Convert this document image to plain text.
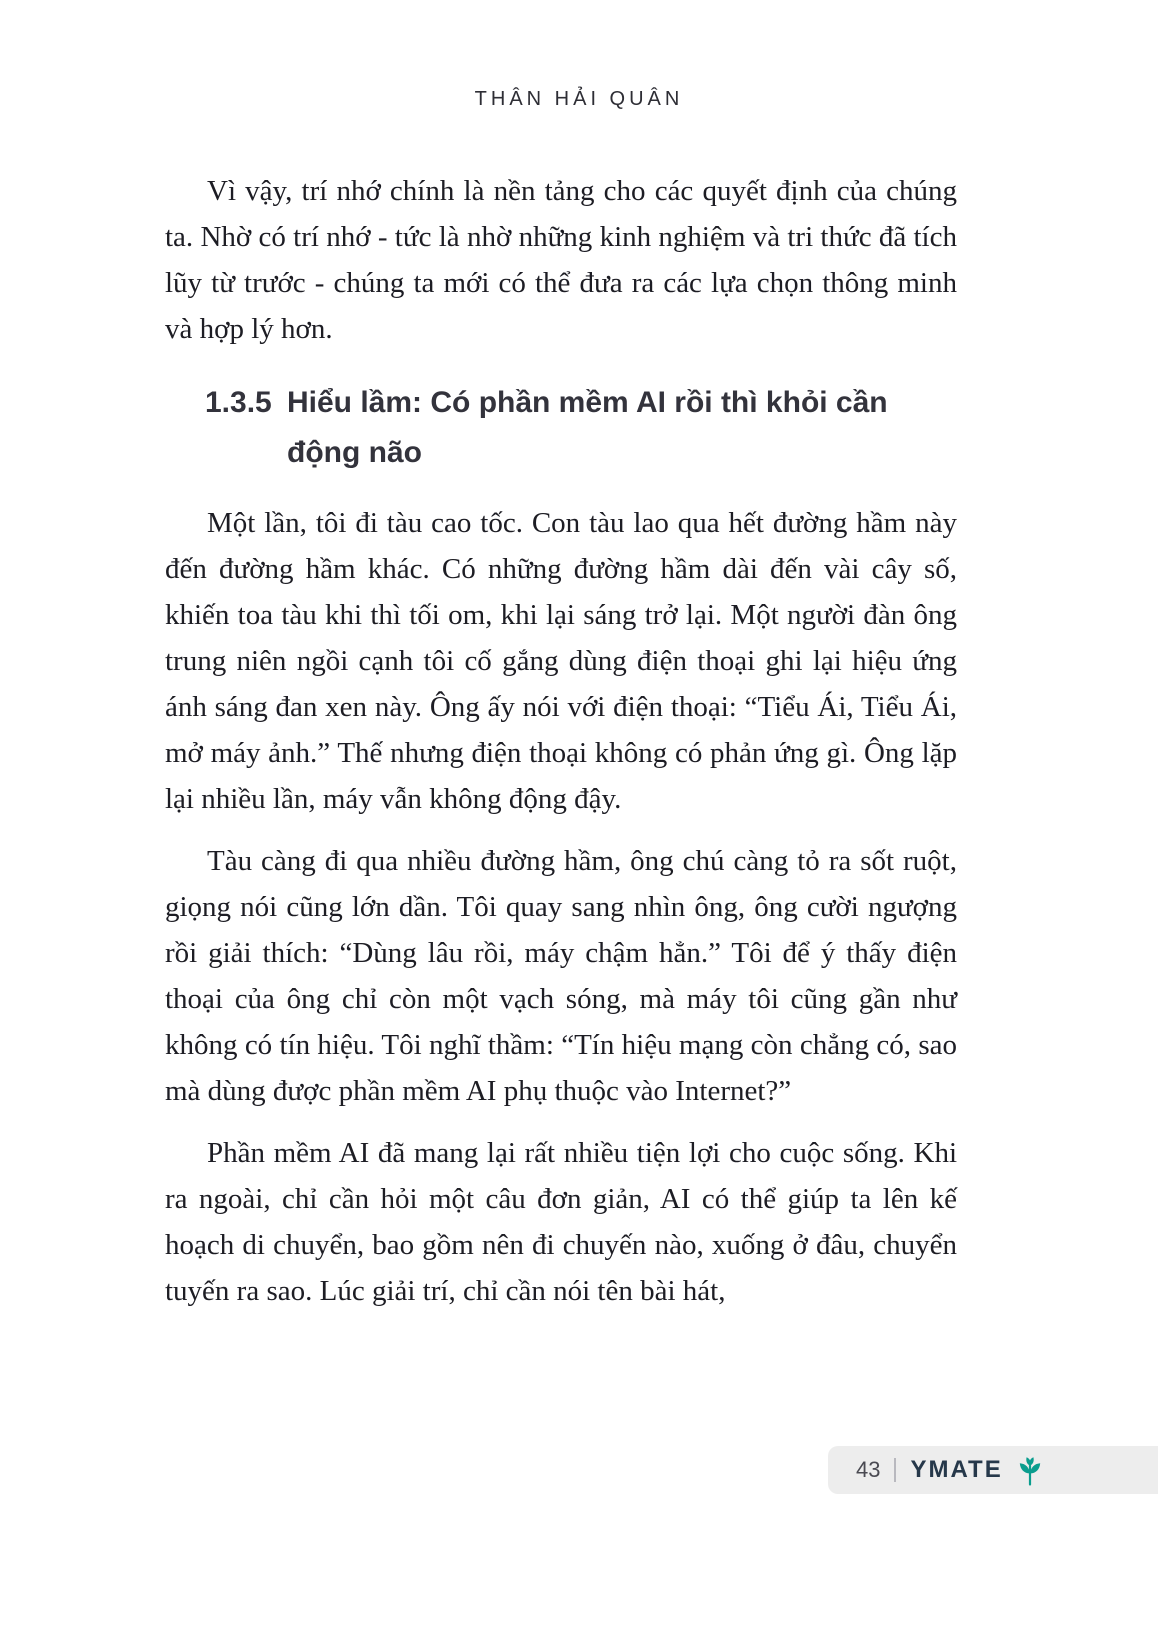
THÂN HẢI QUÂN

Vì vậy, trí nhớ chính là nền tảng cho các quyết định của chúng ta. Nhờ có trí nhớ - tức là nhờ những kinh nghiệm và tri thức đã tích lũy từ trước - chúng ta mới có thể đưa ra các lựa chọn thông minh và hợp lý hơn.

1.3.5 Hiểu lầm: Có phần mềm AI rồi thì khỏi cần động não

Một lần, tôi đi tàu cao tốc. Con tàu lao qua hết đường hầm này đến đường hầm khác. Có những đường hầm dài đến vài cây số, khiến toa tàu khi thì tối om, khi lại sáng trở lại. Một người đàn ông trung niên ngồi cạnh tôi cố gắng dùng điện thoại ghi lại hiệu ứng ánh sáng đan xen này. Ông ấy nói với điện thoại: “Tiểu Ái, Tiểu Ái, mở máy ảnh.” Thế nhưng điện thoại không có phản ứng gì. Ông lặp lại nhiều lần, máy vẫn không động đậy.

Tàu càng đi qua nhiều đường hầm, ông chú càng tỏ ra sốt ruột, giọng nói cũng lớn dần. Tôi quay sang nhìn ông, ông cười ngượng rồi giải thích: “Dùng lâu rồi, máy chậm hẳn.” Tôi để ý thấy điện thoại của ông chỉ còn một vạch sóng, mà máy tôi cũng gần như không có tín hiệu. Tôi nghĩ thầm: “Tín hiệu mạng còn chẳng có, sao mà dùng được phần mềm AI phụ thuộc vào Internet?”

Phần mềm AI đã mang lại rất nhiều tiện lợi cho cuộc sống. Khi ra ngoài, chỉ cần hỏi một câu đơn giản, AI có thể giúp ta lên kế hoạch di chuyển, bao gồm nên đi chuyến nào, xuống ở đâu, chuyển tuyến ra sao. Lúc giải trí, chỉ cần nói tên bài hát,

43 YMATE
